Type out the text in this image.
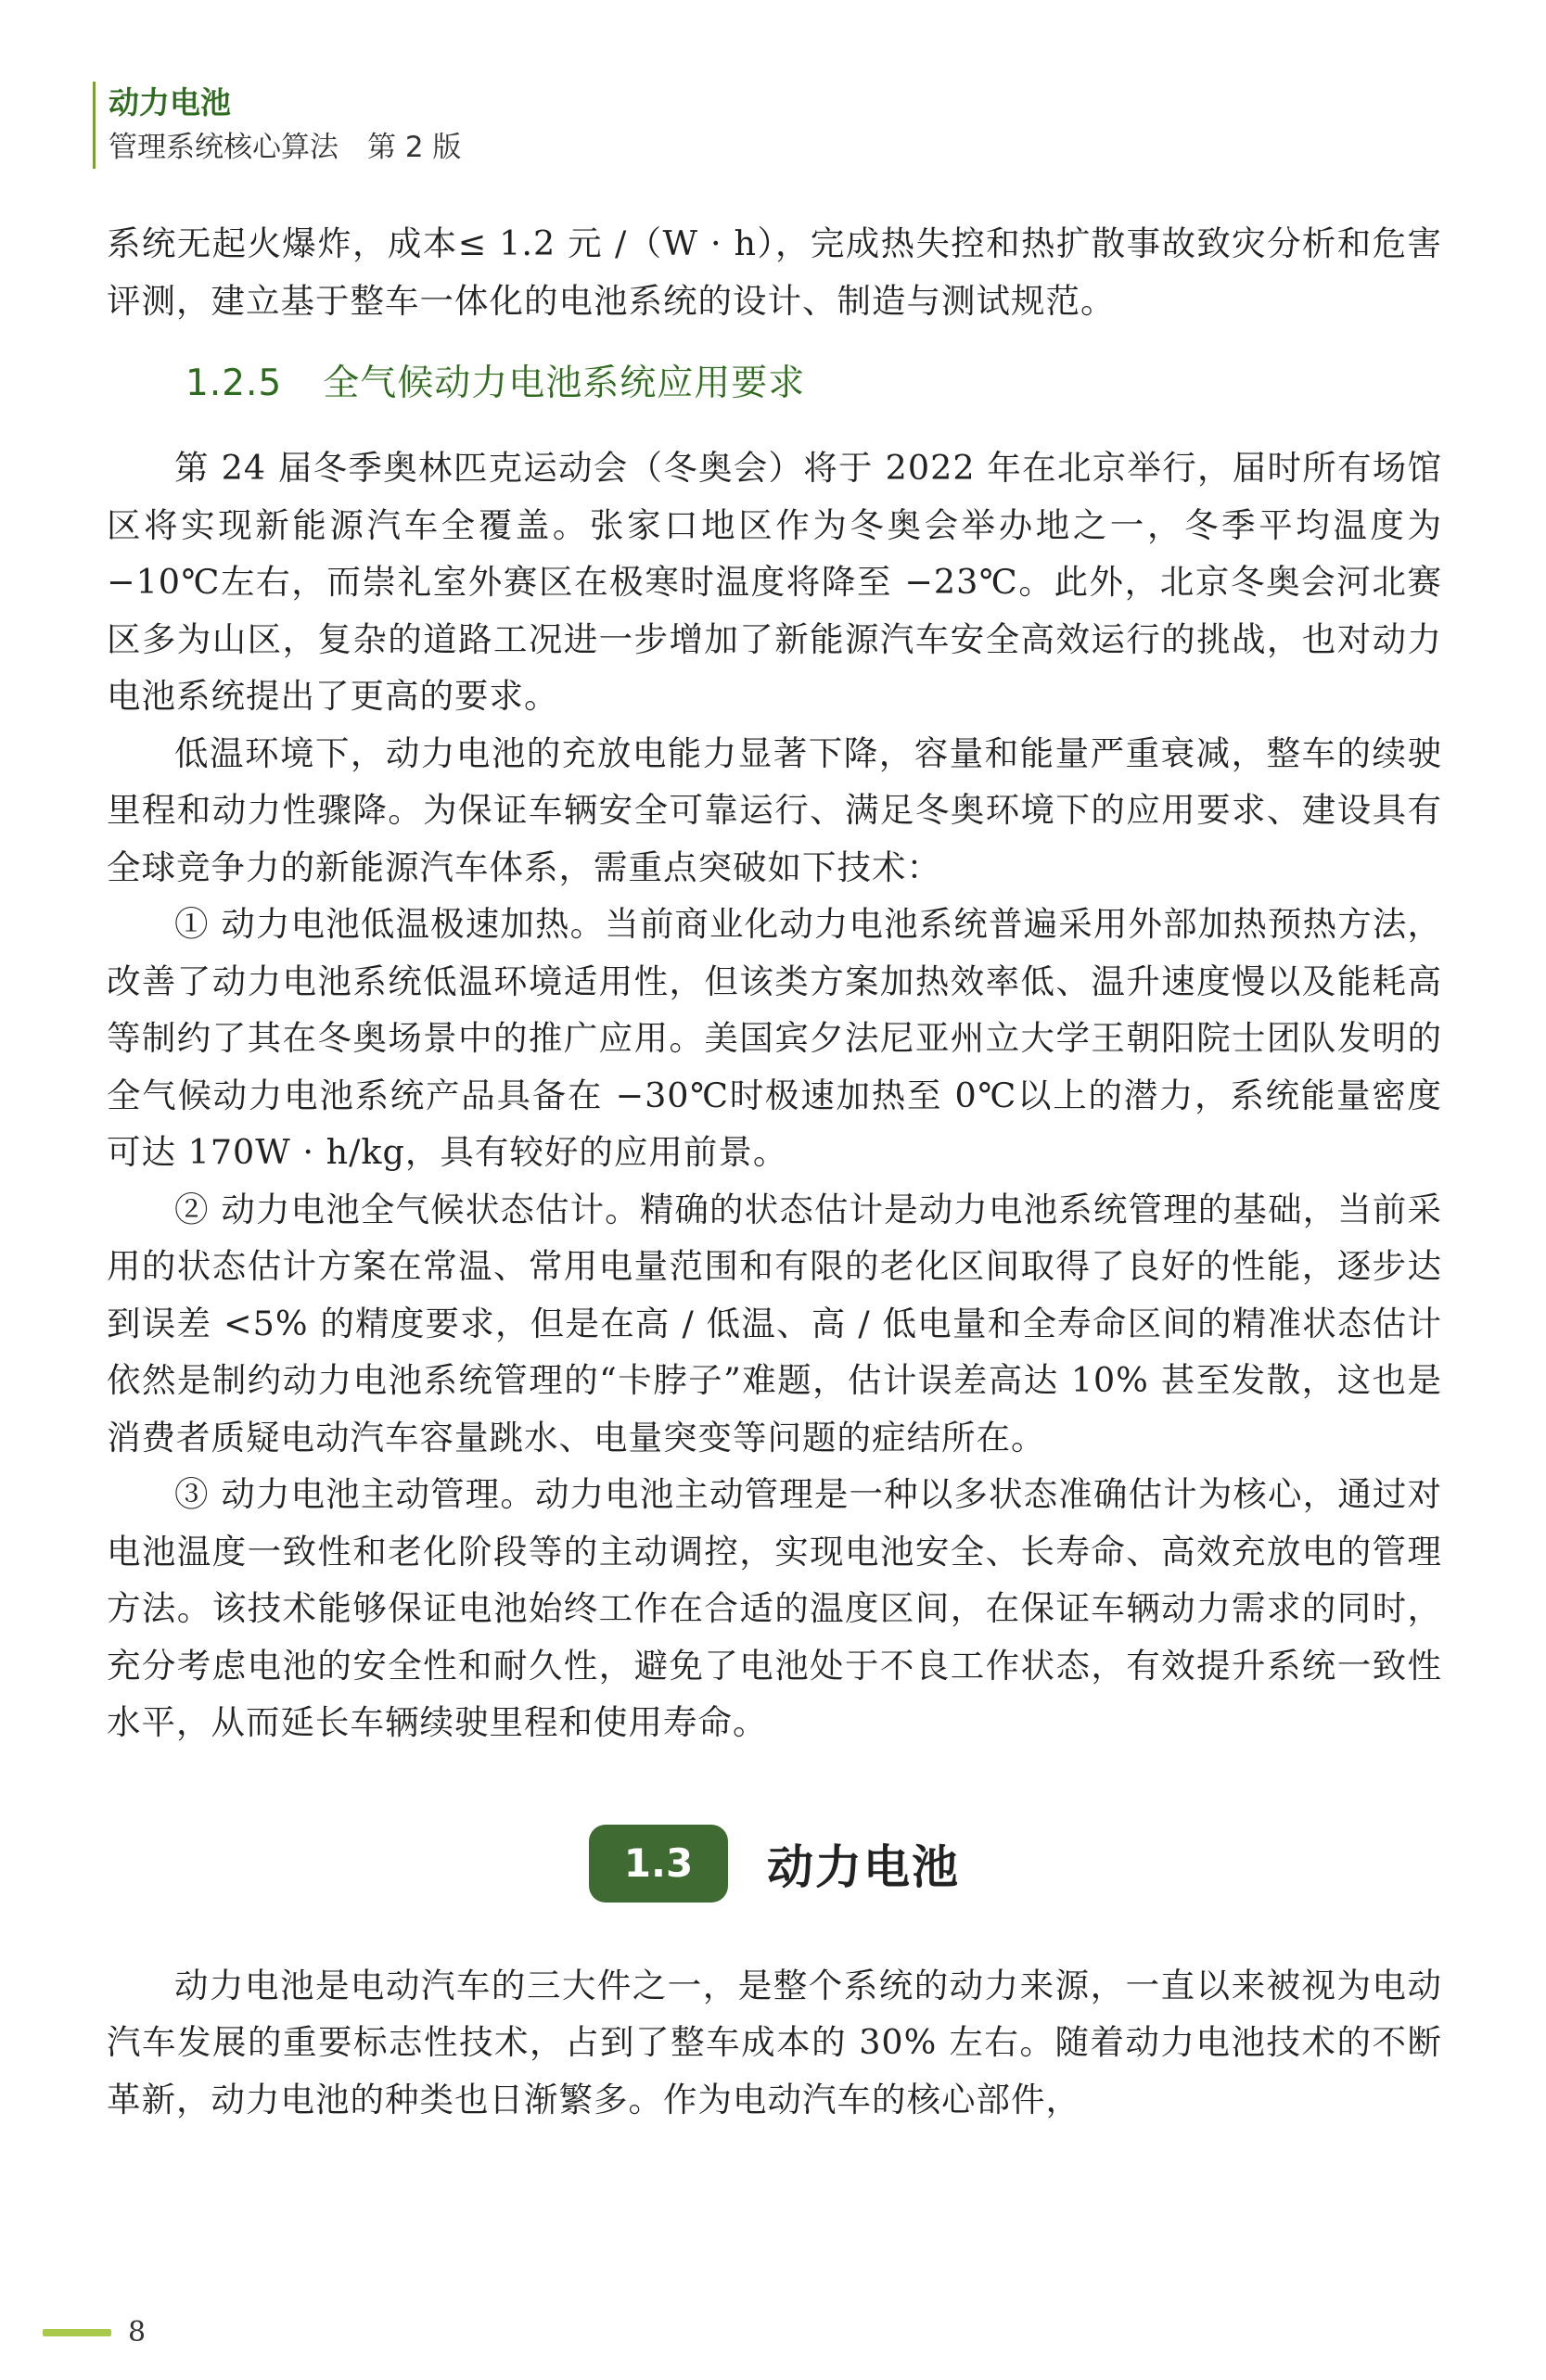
动力电池
管理系统核心算法　第 2 版

系统无起火爆炸，成本≤ 1.2 元 /（W · h），完成热失控和热扩散事故致灾分析和危害评测，建立基于整车一体化的电池系统的设计、制造与测试规范。

1.2.5 全气候动力电池系统应用要求

第 24 届冬季奥林匹克运动会（冬奥会）将于 2022 年在北京举行，届时所有场馆区将实现新能源汽车全覆盖。张家口地区作为冬奥会举办地之一，冬季平均温度为 −10℃左右，而崇礼室外赛区在极寒时温度将降至 −23℃。此外，北京冬奥会河北赛区多为山区，复杂的道路工况进一步增加了新能源汽车安全高效运行的挑战，也对动力电池系统提出了更高的要求。

低温环境下，动力电池的充放电能力显著下降，容量和能量严重衰减，整车的续驶里程和动力性骤降。为保证车辆安全可靠运行、满足冬奥环境下的应用要求、建设具有全球竞争力的新能源汽车体系，需重点突破如下技术：

① 动力电池低温极速加热。当前商业化动力电池系统普遍采用外部加热预热方法，改善了动力电池系统低温环境适用性，但该类方案加热效率低、温升速度慢以及能耗高等制约了其在冬奥场景中的推广应用。美国宾夕法尼亚州立大学王朝阳院士团队发明的全气候动力电池系统产品具备在 −30℃时极速加热至 0℃以上的潜力，系统能量密度可达 170W · h/kg，具有较好的应用前景。

② 动力电池全气候状态估计。精确的状态估计是动力电池系统管理的基础，当前采用的状态估计方案在常温、常用电量范围和有限的老化区间取得了良好的性能，逐步达到误差 <5% 的精度要求，但是在高 / 低温、高 / 低电量和全寿命区间的精准状态估计依然是制约动力电池系统管理的“卡脖子”难题，估计误差高达 10% 甚至发散，这也是消费者质疑电动汽车容量跳水、电量突变等问题的症结所在。

③ 动力电池主动管理。动力电池主动管理是一种以多状态准确估计为核心，通过对电池温度一致性和老化阶段等的主动调控，实现电池安全、长寿命、高效充放电的管理方法。该技术能够保证电池始终工作在合适的温度区间，在保证车辆动力需求的同时，充分考虑电池的安全性和耐久性，避免了电池处于不良工作状态，有效提升系统一致性水平，从而延长车辆续驶里程和使用寿命。

1.3	动力电池

动力电池是电动汽车的三大件之一，是整个系统的动力来源，一直以来被视为电动汽车发展的重要标志性技术，占到了整车成本的 30% 左右。随着动力电池技术的不断革新，动力电池的种类也日渐繁多。作为电动汽车的核心部件，

8
